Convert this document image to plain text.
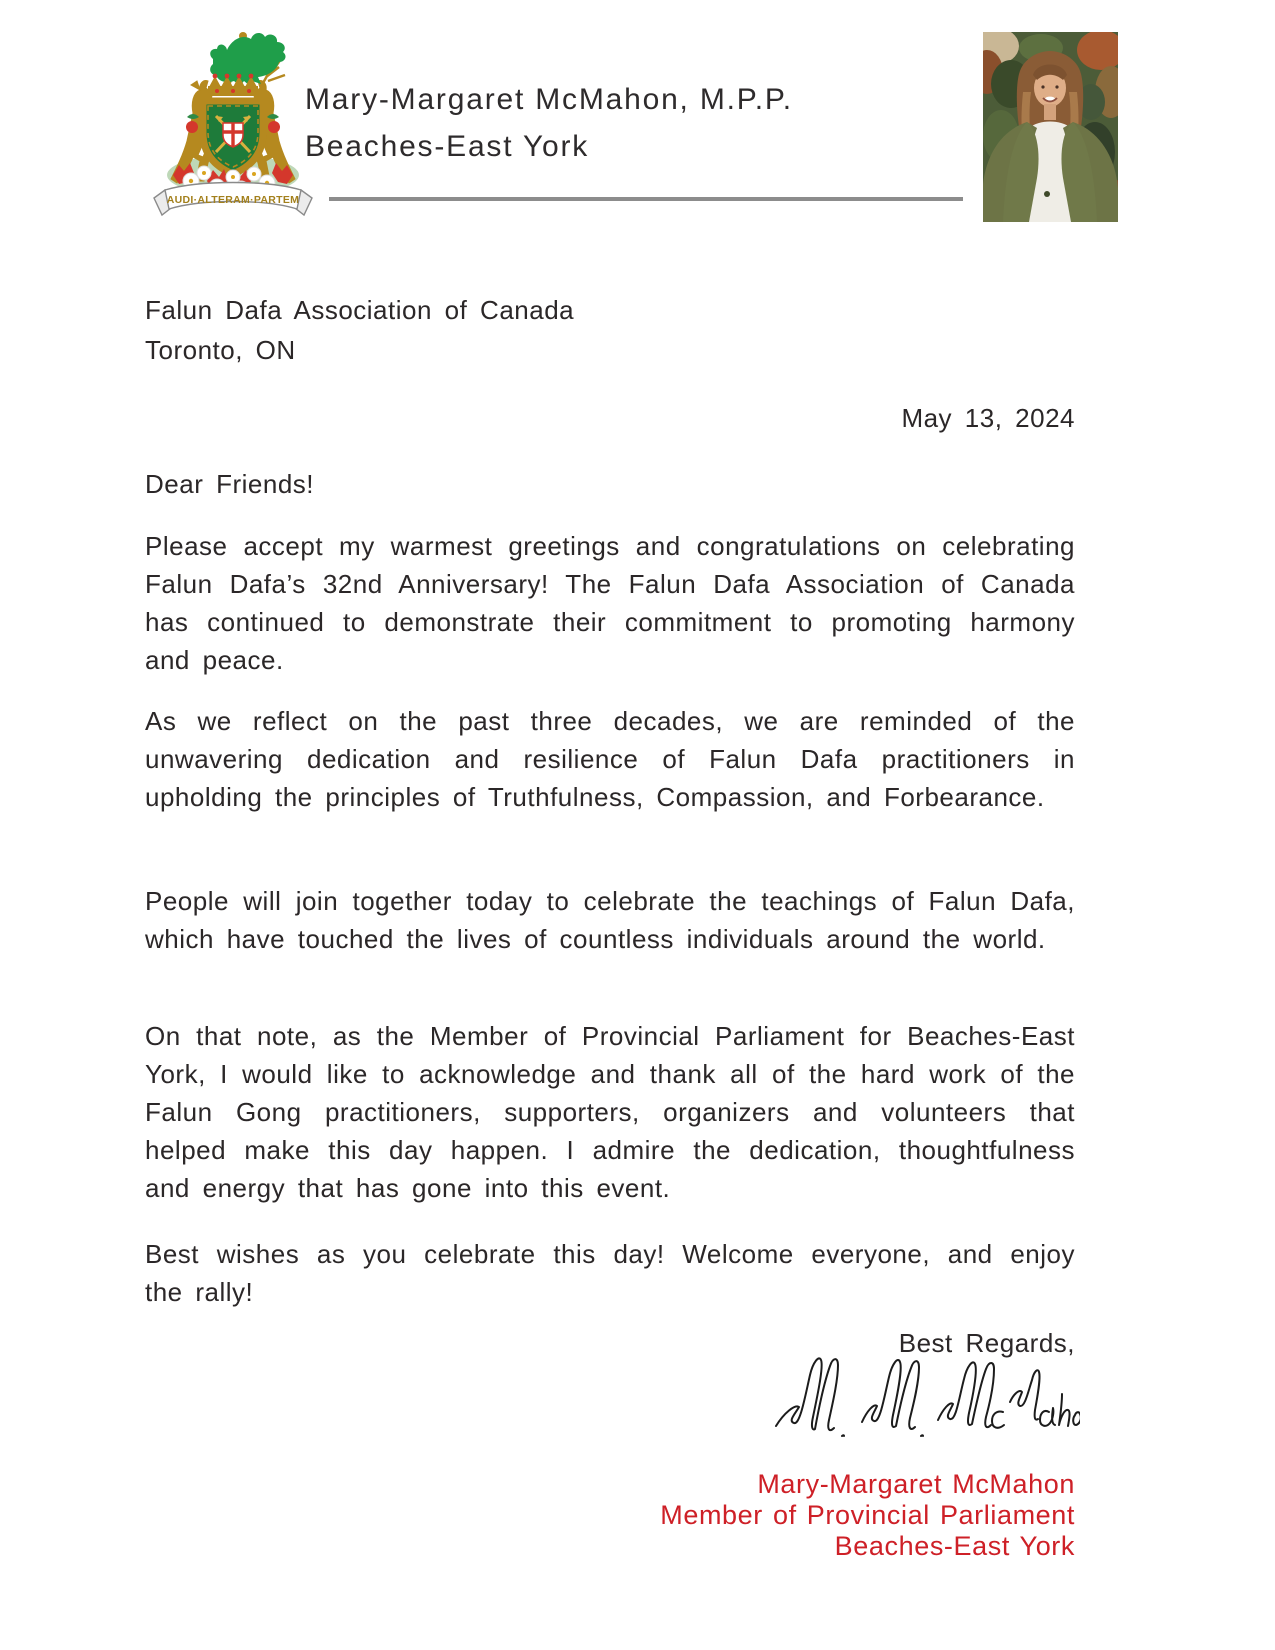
AUDI·ALTERAM·PARTEM
Mary-Margaret McMahon, M.P.P.
Beaches-East York
Falun Dafa Association of Canada
Toronto, ON
May 13, 2024
Dear Friends!
Please accept my warmest greetings and congratulations on celebrating Falun Dafa’s 32nd Anniversary! The Falun Dafa Association of Canada has continued to demonstrate their commitment to promoting harmony and peace.
As we reflect on the past three decades, we are reminded of the unwavering dedication and resilience of Falun Dafa practitioners in upholding the principles of Truthfulness, Compassion, and Forbearance.
People will join together today to celebrate the teachings of Falun Dafa, which have touched the lives of countless individuals around the world.
On that note, as the Member of Provincial Parliament for Beaches-East York, I would like to acknowledge and thank all of the hard work of the Falun Gong practitioners, supporters, organizers and volunteers that helped make this day happen. I admire the dedication, thoughtfulness and energy that has gone into this event.
Best wishes as you celebrate this day! Welcome everyone, and enjoy the rally!
Best Regards,
Mary-Margaret McMahon
Member of Provincial Parliament
Beaches-East York
